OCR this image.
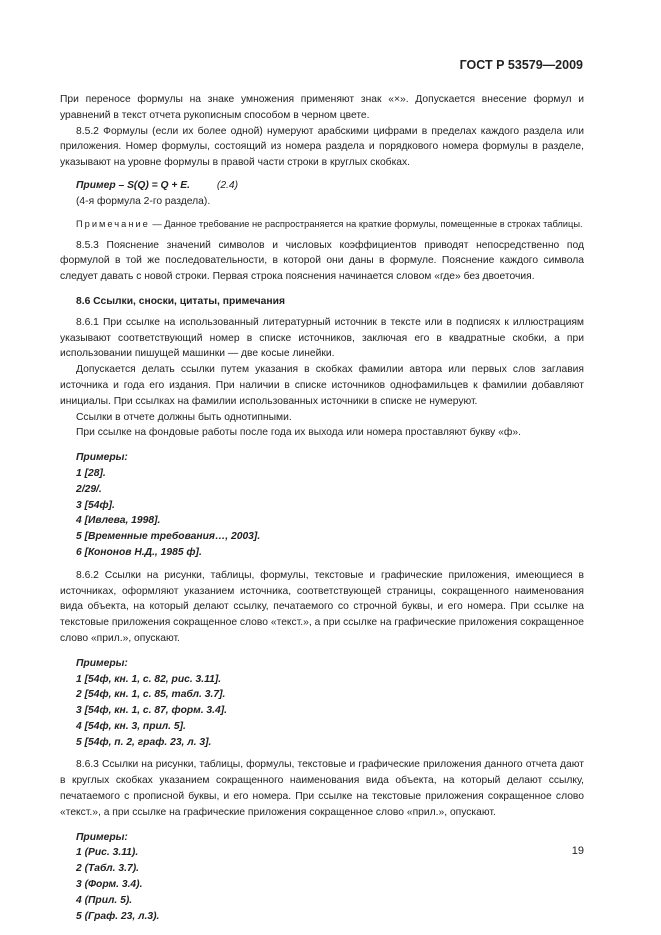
ГОСТ Р 53579—2009

При переносе формулы на знаке умножения применяют знак «×». Допускается внесение формул и уравнений в текст отчета рукописным способом в черном цвете.

8.5.2 Формулы (если их более одной) нумеруют арабскими цифрами в пределах каждого раздела или приложения. Номер формулы, состоящий из номера раздела и порядкового номера формулы в разделе, указывают на уровне формулы в правой части строки в круглых скобках.

Пример – S(Q) = Q + E.	(2.4)

(4-я формула 2-го раздела).

Примечание — Данное требование не распространяется на краткие формулы, помещенные в строках таблицы.

8.5.3 Пояснение значений символов и числовых коэффициентов приводят непосредственно под формулой в той же последовательности, в которой они даны в формуле. Пояснение каждого символа следует давать с новой строки. Первая строка пояснения начинается словом «где» без двоеточия.

8.6 Ссылки, сноски, цитаты, примечания

8.6.1 При ссылке на использованный литературный источник в тексте или в подписях к иллюстрациям указывают соответствующий номер в списке источников, заключая его в квадратные скобки, а при использовании пишущей машинки — две косые линейки.

Допускается делать ссылки путем указания в скобках фамилии автора или первых слов заглавия источника и года его издания. При наличии в списке источников однофамильцев к фамилии добавляют инициалы. При ссылках на фамилии использованных источники в списке не нумеруют.

Ссылки в отчете должны быть однотипными.

При ссылке на фондовые работы после года их выхода или номера проставляют букву «ф».

Примеры:
1 [28].
2/29/.
3 [54ф].
4 [Ивлева, 1998].
5 [Временные требования…, 2003].
6 [Кононов Н.Д., 1985 ф].

8.6.2 Ссылки на рисунки, таблицы, формулы, текстовые и графические приложения, имеющиеся в источниках, оформляют указанием источника, соответствующей страницы, сокращенного наименования вида объекта, на который делают ссылку, печатаемого со строчной буквы, и его номера. При ссылке на текстовые приложения сокращенное слово «текст.», а при ссылке на графические приложения сокращенное слово «прил.», опускают.

Примеры:
1 [54ф, кн. 1, с. 82, рис. 3.11].
2 [54ф, кн. 1, с. 85, табл. 3.7].
3 [54ф, кн. 1, с. 87, форм. 3.4].
4 [54ф, кн. 3, прил. 5].
5 [54ф, п. 2, граф. 23, л. 3].

8.6.3 Ссылки на рисунки, таблицы, формулы, текстовые и графические приложения данного отчета дают в круглых скобках указанием сокращенного наименования вида объекта, на который делают ссылку, печатаемого с прописной буквы, и его номера. При ссылке на текстовые приложения сокращенное слово «текст.», а при ссылке на графические приложения сокращенное слово «прил.», опускают.

Примеры:
1 (Рис. 3.11).
2 (Табл. 3.7).
3 (Форм. 3.4).
4 (Прил. 5).
5 (Граф. 23, л.3).
19
